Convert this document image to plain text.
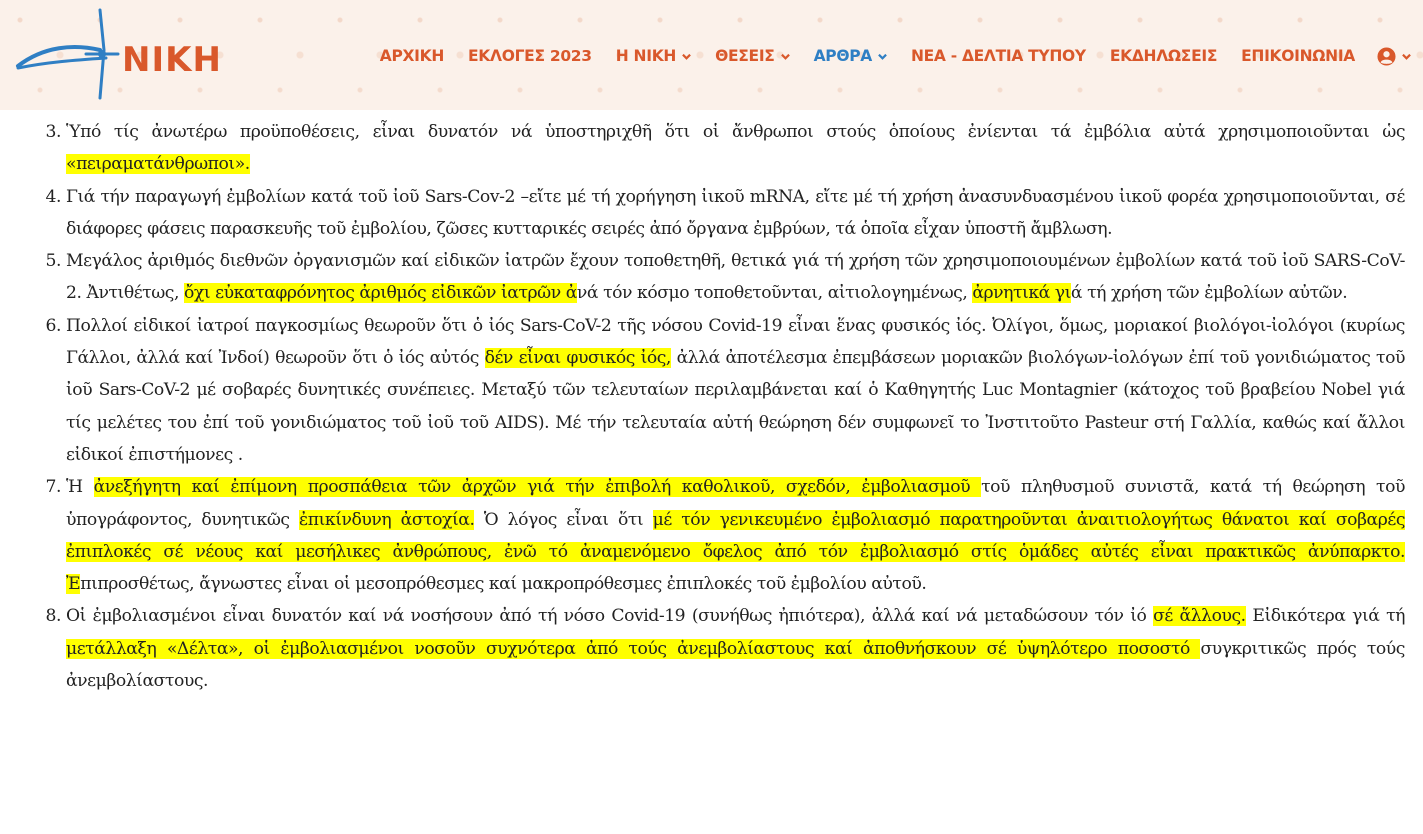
NIKH	ΑΡΧΙΚΗ ΕΚΛΟΓΕΣ 2023 Η ΝΙΚΗ	ΘΕΣΕΙΣ	ΑΡΘΡΑ	ΝΕΑ - ΔΕΛΤΙΑ ΤΥΠΟΥ ΕΚΔΗΛΩΣΕΙΣ ΕΠΙΚΟΙΝΩΝΙΑ
3. Ὑπό τίς ἀνωτέρω προϋποθέσεις, εἶναι δυνατόν νά ὑποστηριχθῆ ὅτι οἱ ἄνθρωποι στούς ὁποίους ἐνίενται τά ἐμβόλια αὐτά χρησιμοποιοῦνται ὡς «πειραματάνθρωποι».
4. Γιά τήν παραγωγή ἐμβολίων κατά τοῦ ἰοῦ Sars-Cov-2 –εἴτε μέ τή χορήγηση ἰικοῦ mRNA, εἴτε μέ τή χρήση ἀνασυνδυασμένου ἰικοῦ φορέα χρησιμοποιοῦνται, σέ διάφορες φάσεις παρασκευῆς τοῦ ἐμβολίου, ζῶσες κυτταρικές σειρές ἀπό ὄργανα ἐμβρύων, τά ὁποῖα εἶχαν ὑποστῆ ἄμβλωση.
5. Μεγάλος ἀριθμός διεθνῶν ὀργανισμῶν καί εἰδικῶν ἰατρῶν ἔχουν τοποθετηθῆ, θετικά γιά τή χρήση τῶν χρησιμοποιουμένων ἐμβολίων κατά τοῦ ἰοῦ SARS-CoV-2. Ἀντιθέτως, ὄχι εὐκαταφρόνητος ἀριθμός εἰδικῶν ἰατρῶν ἀνά τόν κόσμο τοποθετοῦνται, αἰτιολογημένως, ἀρνητικά γιά τή χρήση τῶν ἐμβολίων αὐτῶν.
6. Πολλοί εἰδικοί ἰατροί παγκοσμίως θεωροῦν ὅτι ὁ ἰός Sars-CoV-2 τῆς νόσου Covid-19 εἶναι ἕνας φυσικός ἰός. Ὀλίγοι, ὅμως, μοριακοί βιολόγοι-ἰολόγοι (κυρίως Γάλλοι, ἀλλά καί Ἰνδοί) θεωροῦν ὅτι ὁ ἰός αὐτός δέν εἶναι φυσικός ἰός, ἀλλά ἀποτέλεσμα ἐπεμβάσεων μοριακῶν βιολόγων-ἰολόγων ἐπί τοῦ γονιδιώματος τοῦ ἰοῦ Sars-CoV-2 μέ σοβαρές δυνητικές συνέπειες. Μεταξύ τῶν τελευταίων περιλαμβάνεται καί ὁ Καθηγητής Luc Montagnier (κάτοχος τοῦ βραβείου Nobel γιά τίς μελέτες του ἐπί τοῦ γονιδιώματος τοῦ ἰοῦ τοῦ AIDS). Μέ τήν τελευταία αὐτή θεώρηση δέν συμφωνεῖ το Ἰνστιτοῦτο Pasteur στή Γαλλία, καθώς καί ἄλλοι εἰδικοί ἐπιστήμονες .
7. Ἡ ἀνεξήγητη καί ἐπίμονη προσπάθεια τῶν ἀρχῶν γιά τήν ἐπιβολή καθολικοῦ, σχεδόν, ἐμβολιασμοῦ τοῦ πληθυσμοῦ συνιστᾶ, κατά τή θεώρηση τοῦ ὑπογράφοντος, δυνητικῶς ἐπικίνδυνη ἀστοχία. Ὁ λόγος εἶναι ὅτι μέ τόν γενικευμένο ἐμβολιασμό παρατηροῦνται ἀναιτιολογήτως θάνατοι καί σοβαρές ἐπιπλοκές σέ νέους καί μεσήλικες ἀνθρώπους, ἐνῶ τό ἀναμενόμενο ὄφελος ἀπό τόν ἐμβολιασμό στίς ὁμάδες αὐτές εἶναι πρακτικῶς ἀνύπαρκτο. Ἐπιπροσθέτως, ἄγνωστες εἶναι οἱ μεσοπρόθεσμες καί μακροπρόθεσμες ἐπιπλοκές τοῦ ἐμβολίου αὐτοῦ.
8. Οἱ ἐμβολιασμένοι εἶναι δυνατόν καί νά νοσήσουν ἀπό τή νόσο Covid-19 (συνήθως ἠπιότερα), ἀλλά καί νά μεταδώσουν τόν ἰό σέ ἄλλους. Εἰδικότερα γιά τή μετάλλαξη «Δέλτα», οἱ ἐμβολιασμένοι νοσοῦν συχνότερα ἀπό τούς ἀνεμβολίαστους καί ἀποθνήσκουν σέ ὑψηλότερο ποσοστό συγκριτικῶς πρός τούς ἀνεμβολίαστους.
